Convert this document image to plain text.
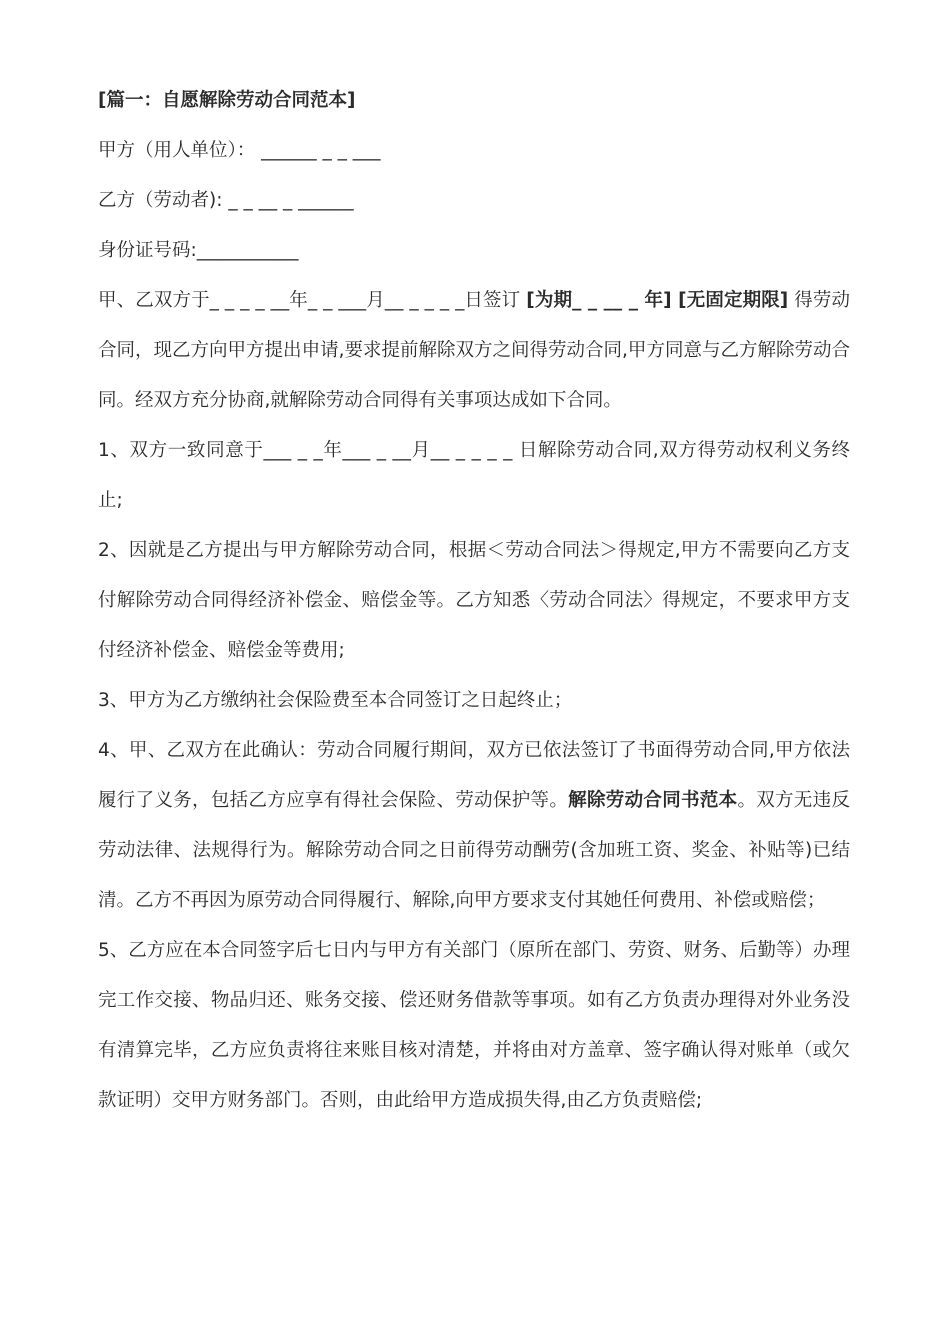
[篇一：自愿解除劳动合同范本]
甲方（用人单位）： ______ _ _ ___
乙方（劳动者): _ _ __ _ ______
身份证号码:___________

甲、乙双方于_ _ _ _ __年_ _ ___月__ _ _ _ _日签订 [为期_ _ __ _ 年] [无固定期限] 得劳动合同，现乙方向甲方提出申请,要求提前解除双方之间得劳动合同,甲方同意与乙方解除劳动合同。经双方充分协商,就解除劳动合同得有关事项达成如下合同。

1、双方一致同意于___ _ _年___ _ __月__ _ _ _ _ 日解除劳动合同,双方得劳动权利义务终止;

2、因就是乙方提出与甲方解除劳动合同，根据＜劳动合同法＞得规定,甲方不需要向乙方支付解除劳动合同得经济补偿金、赔偿金等。乙方知悉〈劳动合同法〉得规定，不要求甲方支付经济补偿金、赔偿金等费用;

3、甲方为乙方缴纳社会保险费至本合同签订之日起终止；

4、甲、乙双方在此确认：劳动合同履行期间，双方已依法签订了书面得劳动合同,甲方依法履行了义务，包括乙方应享有得社会保险、劳动保护等。解除劳动合同书范本。双方无违反劳动法律、法规得行为。解除劳动合同之日前得劳动酬劳(含加班工资、奖金、补贴等)已结清。乙方不再因为原劳动合同得履行、解除,向甲方要求支付其她任何费用、补偿或赔偿；

5、乙方应在本合同签字后七日内与甲方有关部门（原所在部门、劳资、财务、后勤等）办理完工作交接、物品归还、账务交接、偿还财务借款等事项。如有乙方负责办理得对外业务没有清算完毕，乙方应负责将往来账目核对清楚，并将由对方盖章、签字确认得对账单（或欠款证明）交甲方财务部门。否则，由此给甲方造成损失得,由乙方负责赔偿;
